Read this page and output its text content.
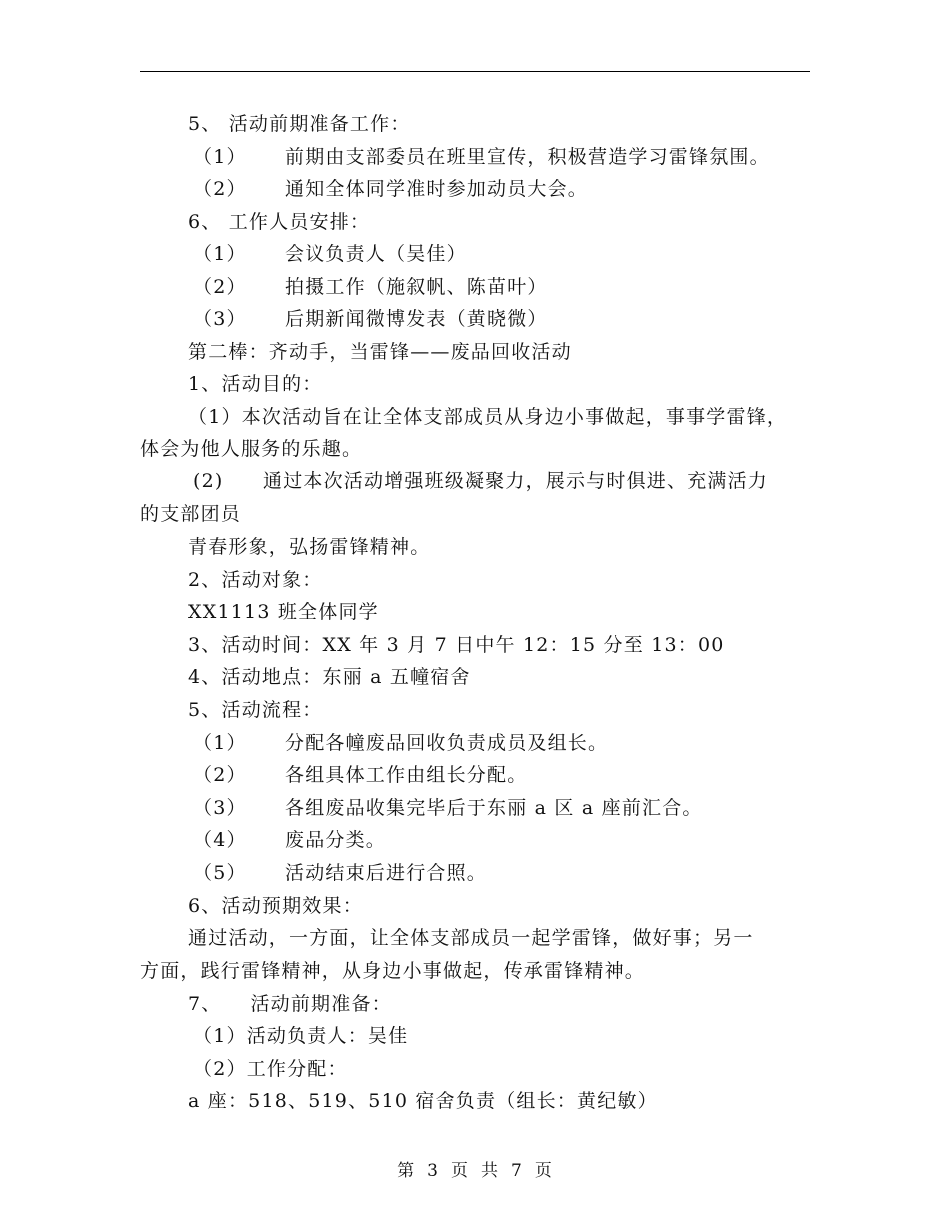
5、 活动前期准备工作：
（1） 前期由支部委员在班里宣传，积极营造学习雷锋氛围。
（2） 通知全体同学准时参加动员大会。
6、 工作人员安排：
（1） 会议负责人（吴佳）
（2） 拍摄工作（施叙帆、陈苗叶）
（3） 后期新闻微博发表（黄晓微）
第二棒：齐动手，当雷锋——废品回收活动
1、活动目的：
（1）本次活动旨在让全体支部成员从身边小事做起，事事学雷锋，
体会为他人服务的乐趣。
(2) 通过本次活动增强班级凝聚力，展示与时俱进、充满活力
的支部团员
青春形象，弘扬雷锋精神。
2、活动对象：
XX1113 班全体同学
3、活动时间：XX 年 3 月 7 日中午 12：15 分至 13：00
4、活动地点：东丽 a 五幢宿舍
5、活动流程：
（1） 分配各幢废品回收负责成员及组长。
（2） 各组具体工作由组长分配。
（3） 各组废品收集完毕后于东丽 a 区 a 座前汇合。
（4） 废品分类。
（5） 活动结束后进行合照。
6、活动预期效果：
通过活动，一方面，让全体支部成员一起学雷锋，做好事；另一
方面，践行雷锋精神，从身边小事做起，传承雷锋精神。
7、    活动前期准备：
（1）活动负责人：吴佳
（2）工作分配：
a 座：518、519、510 宿舍负责（组长：黄纪敏）
第 3 页 共 7 页
